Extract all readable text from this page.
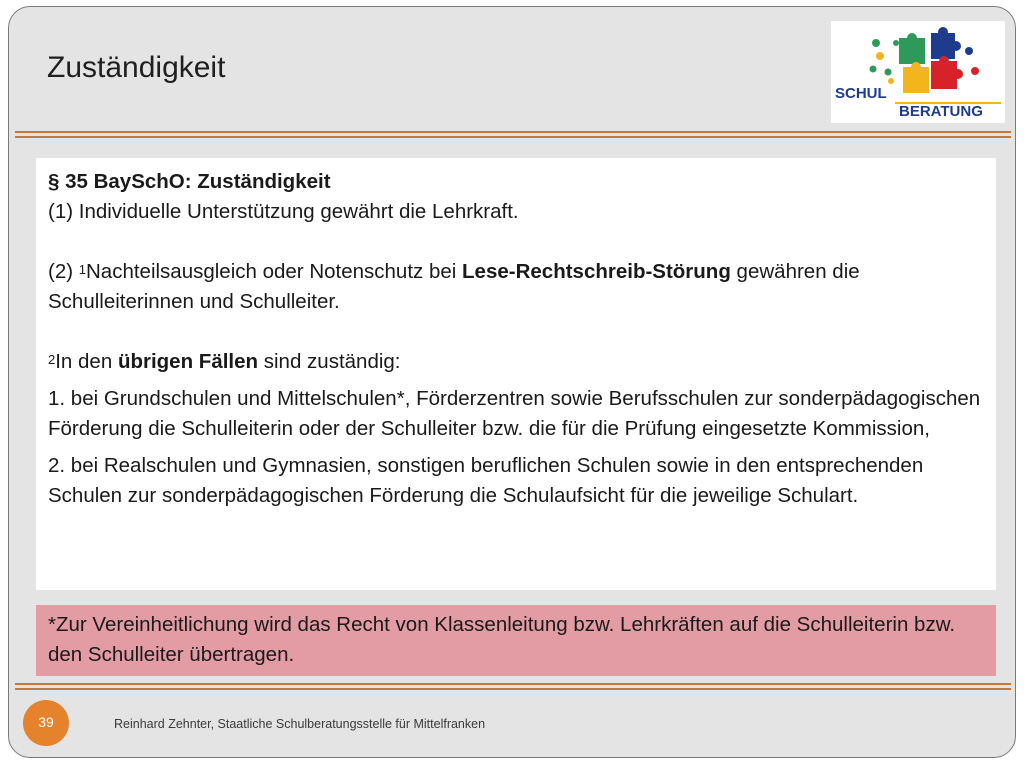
Zuständigkeit
SCHUL
BERATUNG

§ 35 BaySchO: Zuständigkeit

(1) Individuelle Unterstützung gewährt die Lehrkraft.

(2) $^1$Nachteilsausgleich oder Notenschutz bei Lese-Rechtschreib-Störung gewähren die Schulleiterinnen und Schulleiter.

$^2$In den übrigen Fällen sind zuständig:

1. bei Grundschulen und Mittelschulen*, Förderzentren sowie Berufsschulen zur sonderpädagogischen Förderung die Schulleiterin oder der Schulleiter bzw. die für die Prüfung eingesetzte Kommission,

2. bei Realschulen und Gymnasien, sonstigen beruflichen Schulen sowie in den entsprechenden Schulen zur sonderpädagogischen Förderung die Schulaufsicht für die jeweilige Schulart.

*Zur Vereinheitlichung wird das Recht von Klassenleitung bzw. Lehrkräften auf die Schulleiterin bzw. den Schulleiter übertragen.
39	Reinhard Zehnter, Staatliche Schulberatungsstelle für Mittelfranken
